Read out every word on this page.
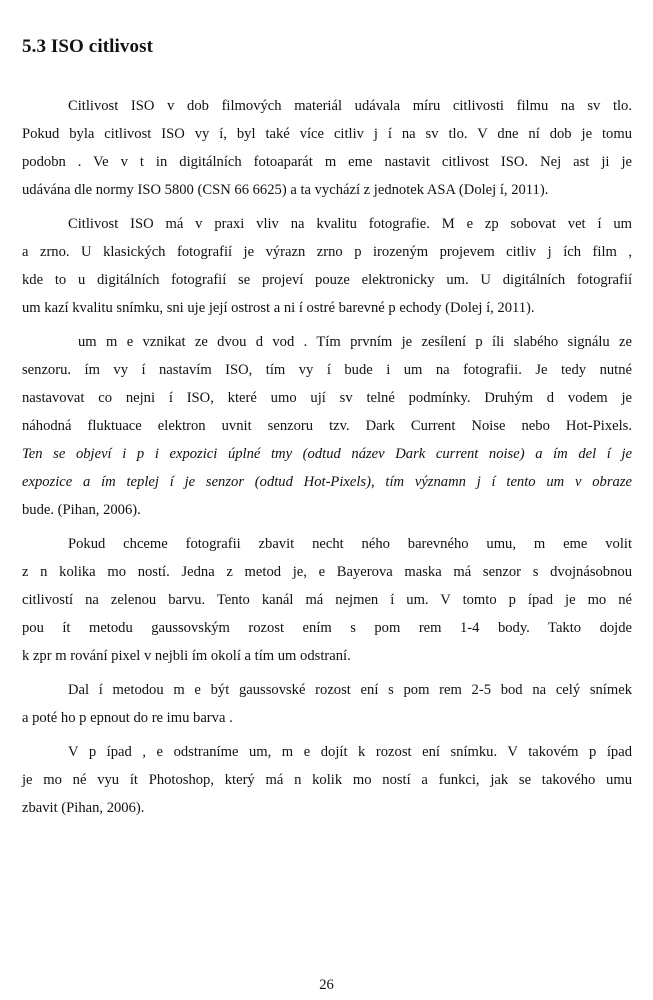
5.3 ISO citlivost
Citlivost ISO v dob filmových materiál udávala míru citlivosti filmu na sv tlo.
Pokud byla citlivost ISO vy í, byl také více citliv j í na sv tlo. V dne ní dob je tomu
podobn . Ve v t in digitálních fotoaparát m eme nastavit citlivost ISO. Nej ast ji je
udávána dle normy ISO 5800 (CSN 66 6625) a ta vychází z jednotek ASA (Dolej í, 2011).
Citlivost ISO má v praxi vliv na kvalitu fotografie. M e zp sobovat vet í um
a zrno. U klasických fotografií je výrazn zrno p irozeným projevem citliv j ích film ,
kde to u digitálních fotografií se projeví pouze elektronicky um. U digitálních fotografií
um kazí kvalitu snímku, sni uje její ostrost a ni í ostré barevné p echody (Dolej í, 2011).
um m e vznikat ze dvou d vod . Tím prvním je zesílení p íli slabého signálu ze
senzoru. ím vy í nastavím ISO, tím vy í bude i um na fotografii. Je tedy nutné
nastavovat co nejni í ISO, které umo ují sv telné podmínky. Druhým d vodem je
náhodná fluktuace elektron uvnit senzoru tzv. Dark Current Noise nebo Hot-Pixels.
Ten se objeví i p i expozici úplné tmy (odtud název Dark current noise) a ím del í je
expozice a ím teplej í je senzor (odtud Hot-Pixels), tím významn j í tento um v obraze
bude. (Pihan, 2006).
Pokud chceme fotografii zbavit necht ného barevného umu, m eme volit
z n kolika mo ností. Jedna z metod je, e Bayerova maska má senzor s dvojnásobnou
citlivostí na zelenou barvu. Tento kanál má nejmen í um. V tomto p ípad je mo né
pou ít metodu gaussovským rozost ením s pom rem 1-4 body. Takto dojde
k zpr m rování pixel v nejbli ím okolí a tím um odstraní.
Dal í metodou m e být gaussovské rozost ení s pom rem 2-5 bod na celý snímek
a poté ho p epnout do re imu barva .
V p ípad , e odstraníme um, m e dojít k rozost ení snímku. V takovém p ípad
je mo né vyu ít Photoshop, který má n kolik mo ností a funkci, jak se takového umu
zbavit (Pihan, 2006).
26
